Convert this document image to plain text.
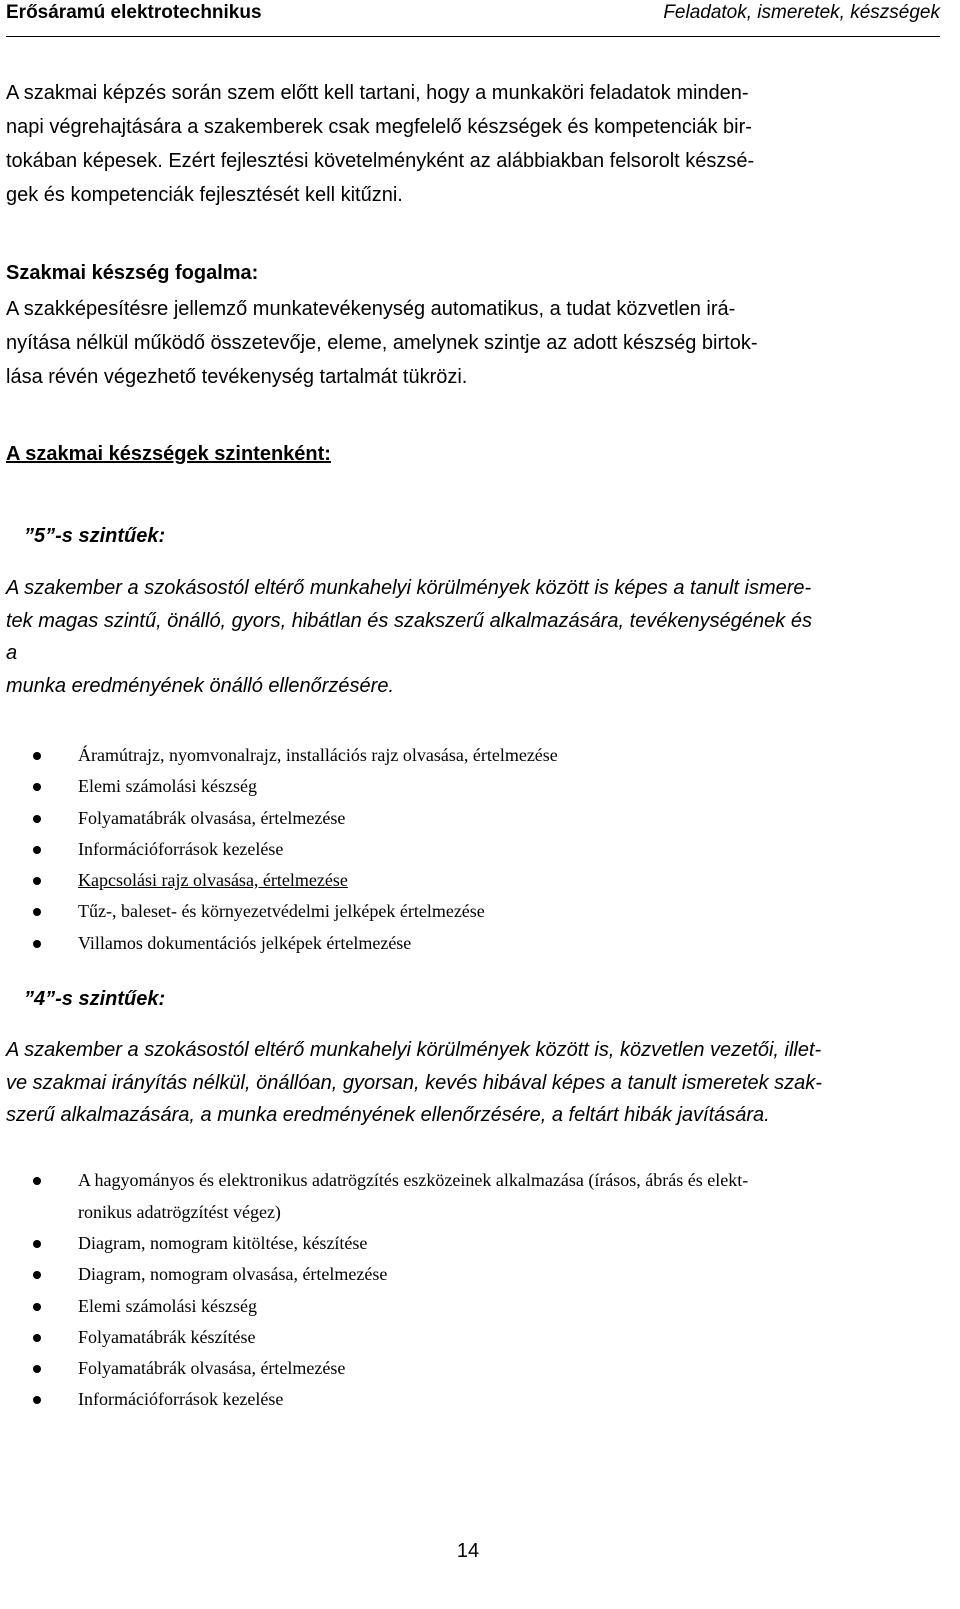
Erősáramú elektrotechnikus	Feladatok, ismeretek, készségek
A szakmai képzés során szem előtt kell tartani, hogy a munkaköri feladatok minden-
napi végrehajtására a szakemberek csak megfelelő készségek és kompetenciák bir-
tokában képesek. Ezért fejlesztési követelményként az alábbiakban felsorolt készsé-
gek és kompetenciák fejlesztését kell kitűzni.
Szakmai készség fogalma:
A szakképesítésre jellemző munkatevékenység automatikus, a tudat közvetlen irá-
nyítása nélkül működő összetevője, eleme, amelynek szintje az adott készség birtok-
lása révén végezhető tevékenység tartalmát tükrözi.
A szakmai készségek szintenként:
”5”-s szintűek:
A szakember a szokásostól eltérő munkahelyi körülmények között is képes a tanult ismere-
tek magas szintű, önálló, gyors, hibátlan és szakszerű alkalmazására, tevékenységének és
a
munka eredményének önálló ellenőrzésére.
Áramútrajz, nyomvonalrajz, installációs rajz olvasása, értelmezése
Elemi számolási készség
Folyamatábrák olvasása, értelmezése
Információforrások kezelése
Kapcsolási rajz olvasása, értelmezése
Tűz-, baleset- és környezetvédelmi jelképek értelmezése
Villamos dokumentációs jelképek értelmezése
”4”-s szintűek:
A szakember a szokásostól eltérő munkahelyi körülmények között is, közvetlen vezetői, illet-
ve szakmai irányítás nélkül, önállóan, gyorsan, kevés hibával képes a tanult ismeretek szak-
szerű alkalmazására, a munka eredményének ellenőrzésére, a feltárt hibák javítására.
A hagyományos és elektronikus adatrögzítés eszközeinek alkalmazása (írásos, ábrás és elekt-
ronikus adatrögzítést végez)
Diagram, nomogram kitöltése, készítése
Diagram, nomogram olvasása, értelmezése
Elemi számolási készség
Folyamatábrák készítése
Folyamatábrák olvasása, értelmezése
Információforrások kezelése
14
